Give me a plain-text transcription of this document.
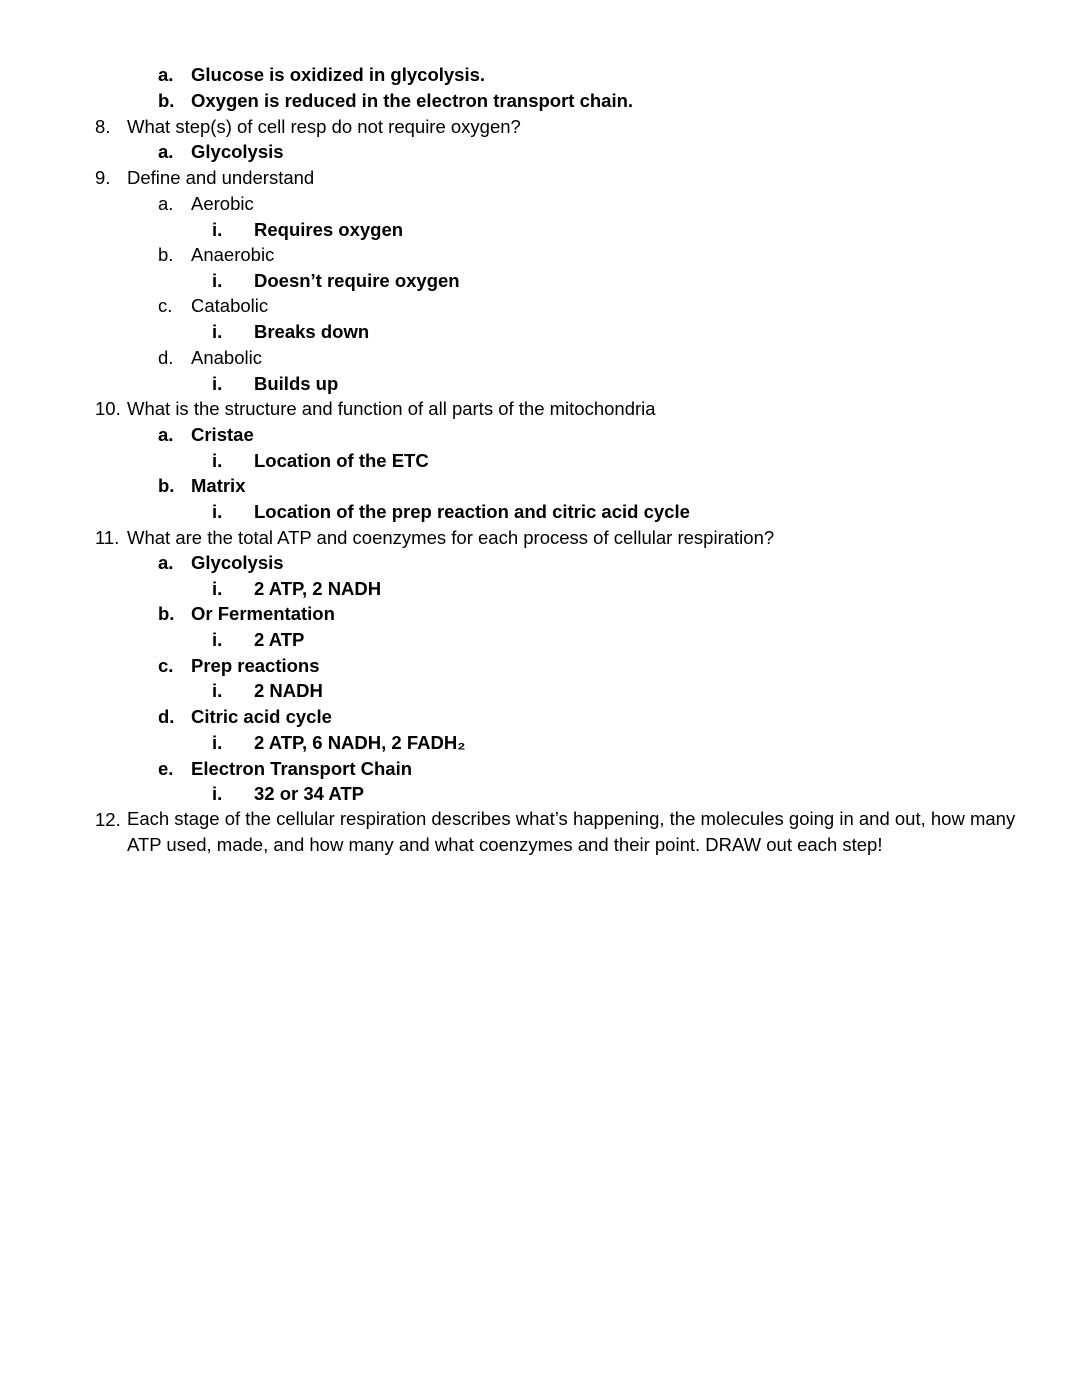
a. Glucose is oxidized in glycolysis.
b. Oxygen is reduced in the electron transport chain.
8. What step(s) of cell resp do not require oxygen?
a. Glycolysis
9. Define and understand
a. Aerobic
i. Requires oxygen
b. Anaerobic
i. Doesn’t require oxygen
c. Catabolic
i. Breaks down
d. Anabolic
i. Builds up
10. What is the structure and function of all parts of the mitochondria
a. Cristae
i. Location of the ETC
b. Matrix
i. Location of the prep reaction and citric acid cycle
11. What are the total ATP and coenzymes for each process of cellular respiration?
a. Glycolysis
i. 2 ATP, 2 NADH
b. Or Fermentation
i. 2 ATP
c. Prep reactions
i. 2 NADH
d. Citric acid cycle
i. 2 ATP, 6 NADH, 2 FADH₂
e. Electron Transport Chain
i. 32 or 34 ATP
12. Each stage of the cellular respiration describes what’s happening, the molecules going in and out, how many ATP used, made, and how many and what coenzymes and their point. DRAW out each step!
